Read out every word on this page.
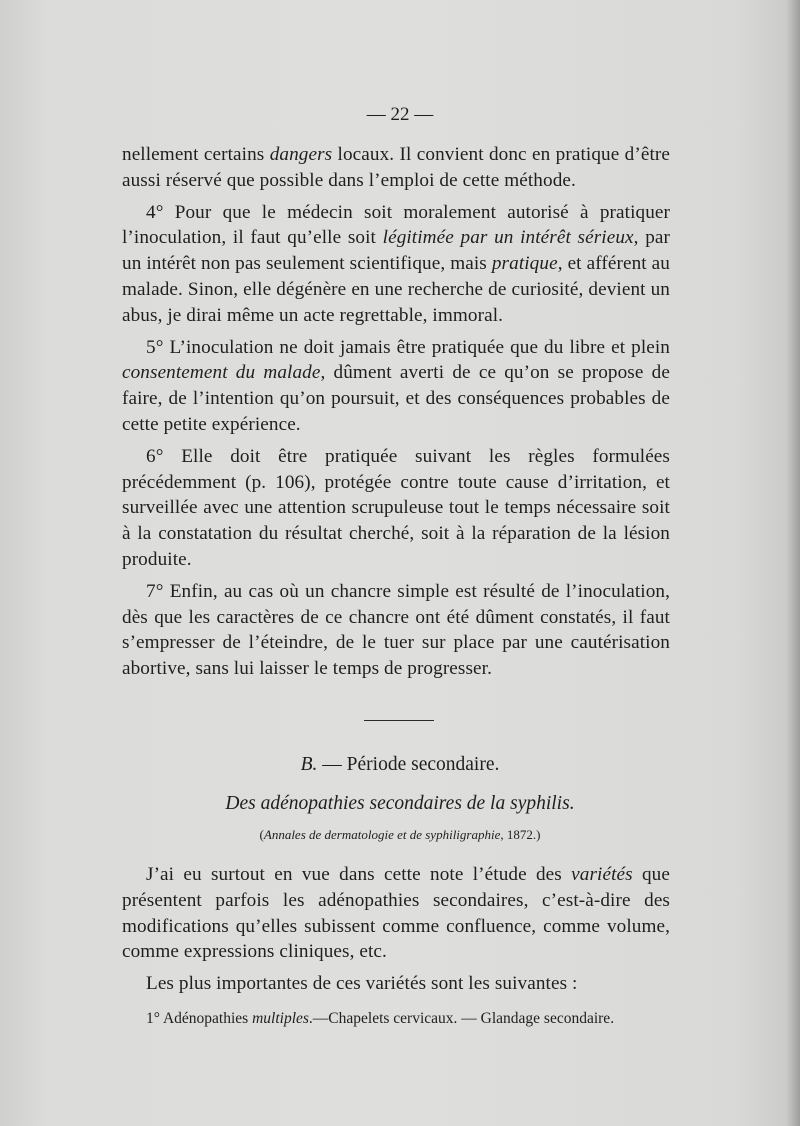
— 22 —

nellement certains dangers locaux. Il convient donc en pratique d’être aussi réservé que possible dans l’emploi de cette méthode.

4° Pour que le médecin soit moralement autorisé à pratiquer l’inoculation, il faut qu’elle soit légitimée par un intérêt sérieux, par un intérêt non pas seulement scientifique, mais pratique, et afférent au malade. Sinon, elle dégénère en une recherche de curiosité, devient un abus, je dirai même un acte regrettable, immoral.

5° L’inoculation ne doit jamais être pratiquée que du libre et plein consentement du malade, dûment averti de ce qu’on se propose de faire, de l’intention qu’on poursuit, et des conséquences probables de cette petite expérience.

6° Elle doit être pratiquée suivant les règles formulées précédemment (p. 106), protégée contre toute cause d’irritation, et surveillée avec une attention scrupuleuse tout le temps nécessaire soit à la constatation du résultat cherché, soit à la réparation de la lésion produite.

7° Enfin, au cas où un chancre simple est résulté de l’inoculation, dès que les caractères de ce chancre ont été dûment constatés, il faut s’empresser de l’éteindre, de le tuer sur place par une cautérisation abortive, sans lui laisser le temps de progresser.

B. — Période secondaire.
Des adénopathies secondaires de la syphilis.
(Annales de dermatologie et de syphiligraphie, 1872.)

J’ai eu surtout en vue dans cette note l’étude des variétés que présentent parfois les adénopathies secondaires, c’est-à-dire des modifications qu’elles subissent comme confluence, comme volume, comme expressions cliniques, etc.

Les plus importantes de ces variétés sont les suivantes :

1° Adénopathies multiples.—Chapelets cervicaux. — Glandage secondaire.
